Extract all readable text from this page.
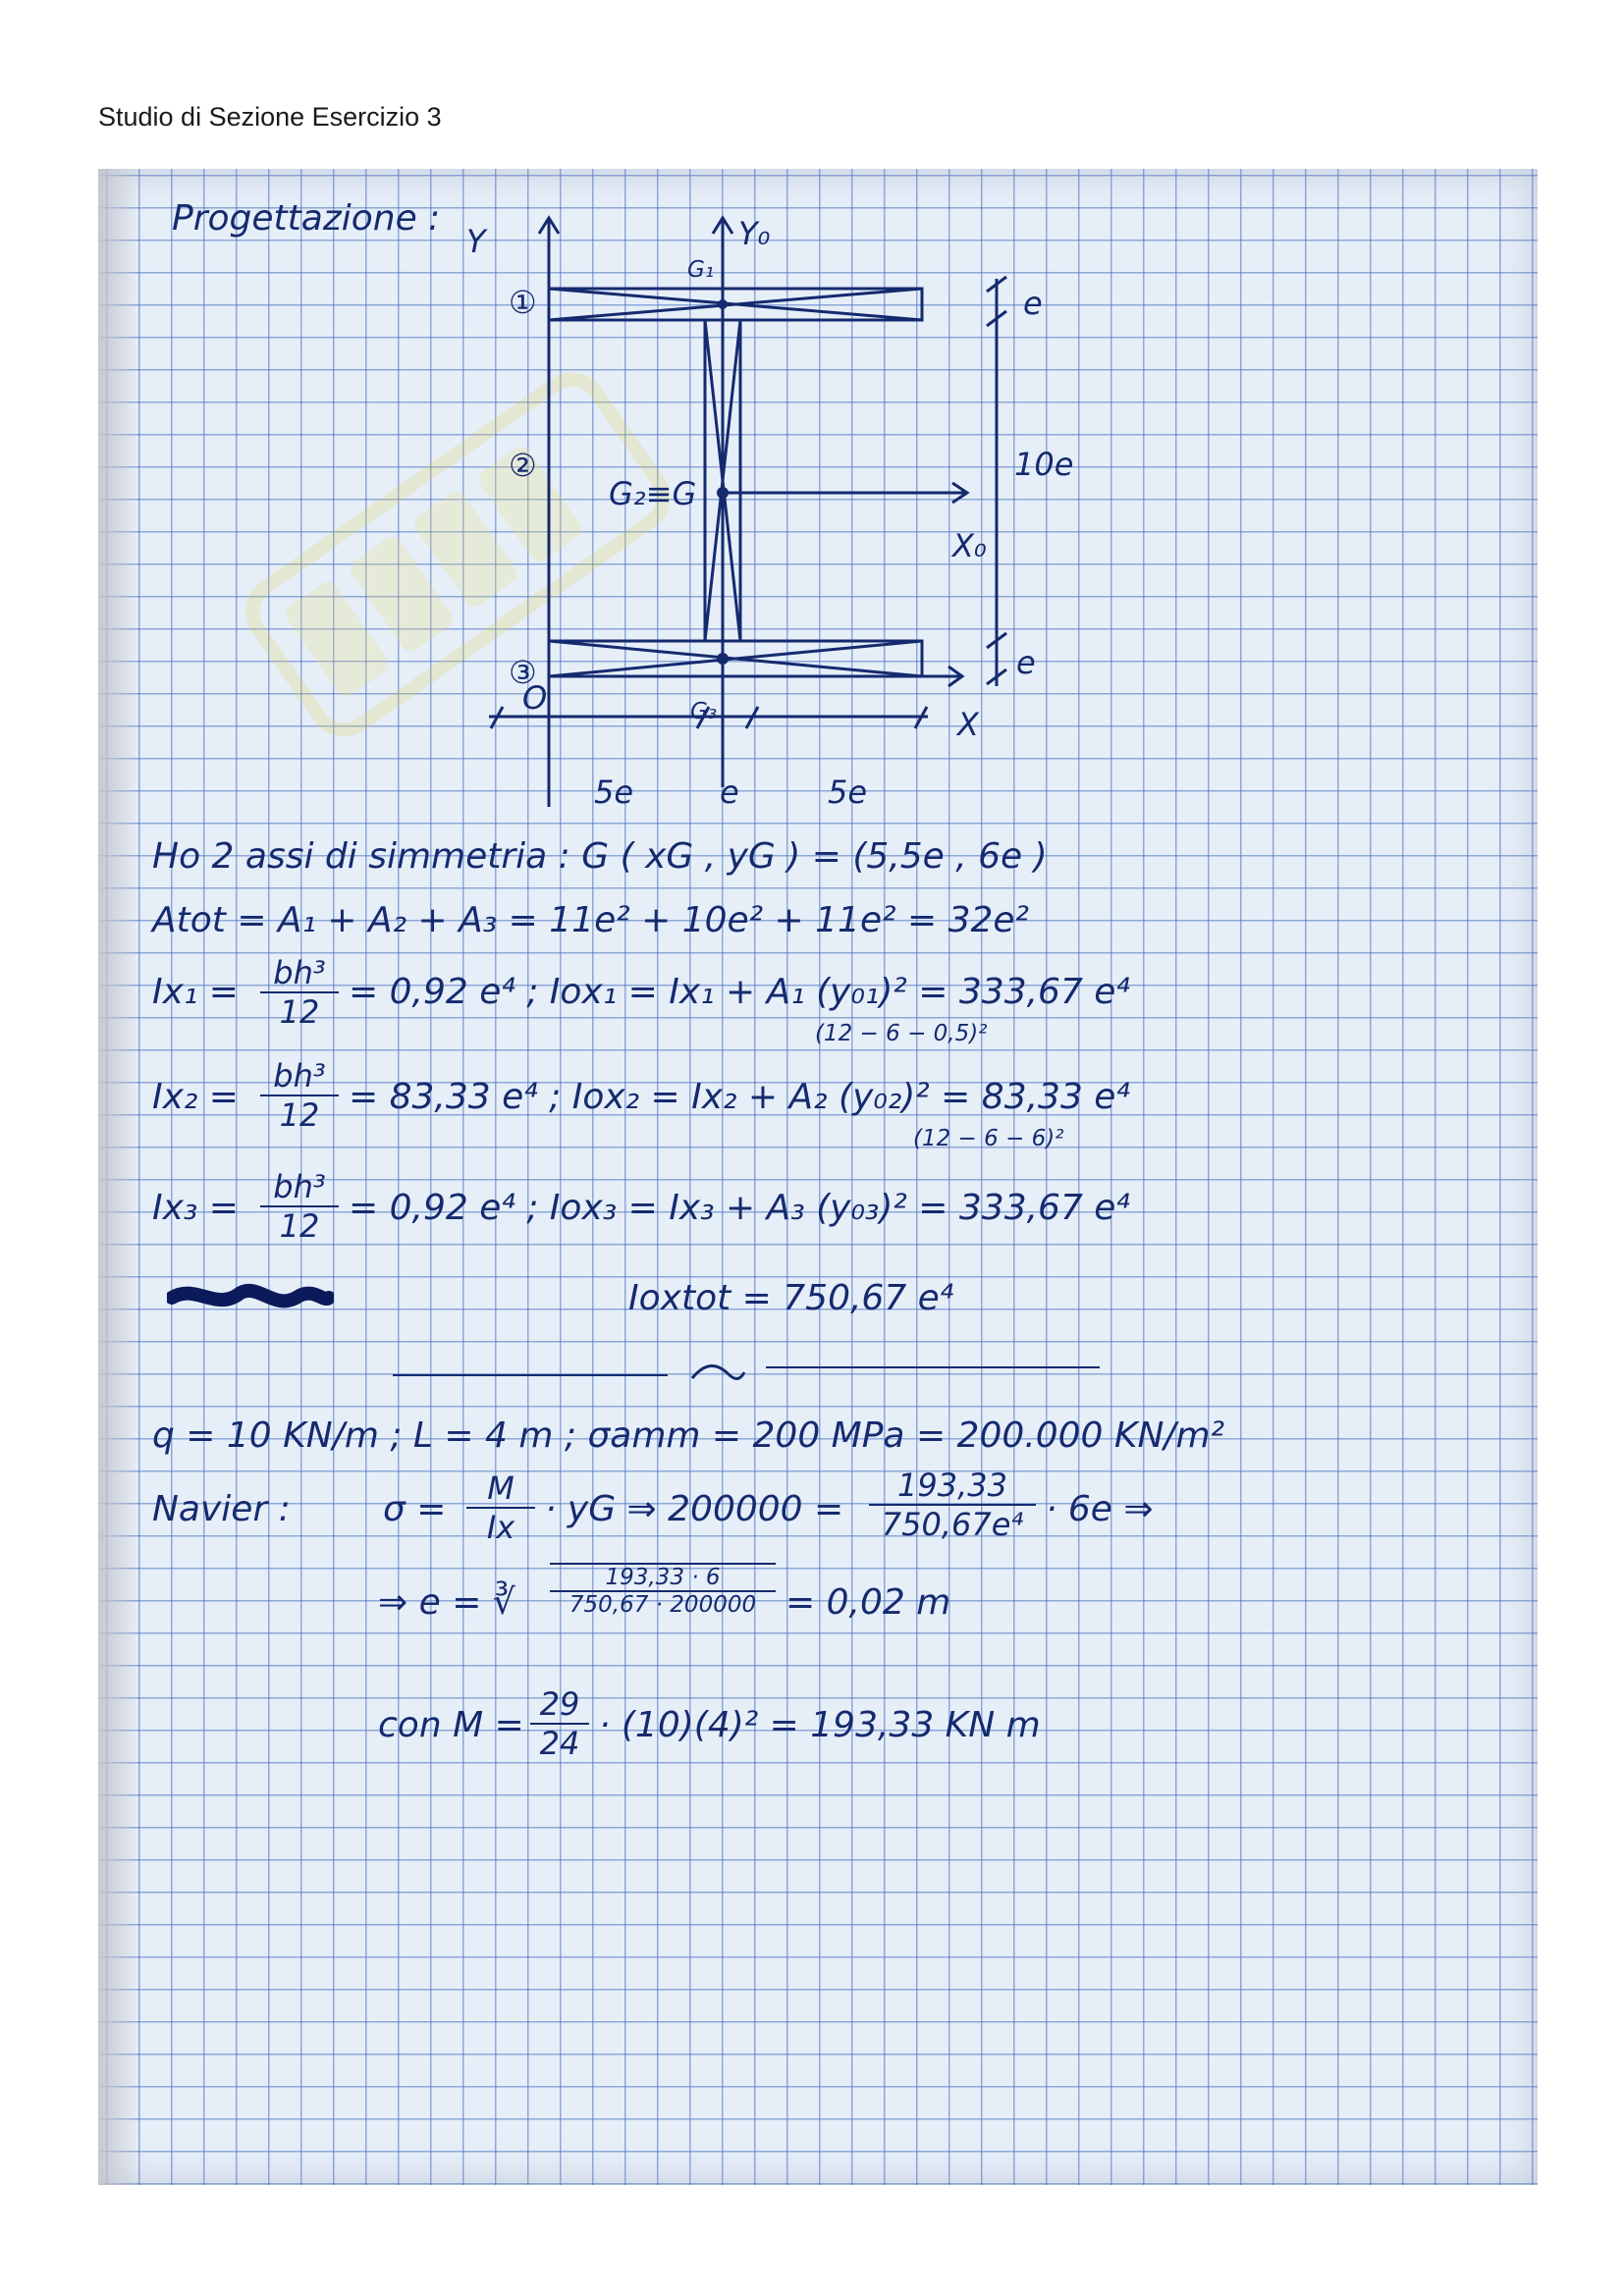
Studio di Sezione Esercizio 3
Progettazione :
Y	Y₀
G₁
①
②
③
O
G₂≡G
G₃
X₀
X
e
10e
e
5e	e	5e
Ho 2 assi di simmetria : G ( xG , yG ) = (5,5e , 6e )
Atot = A₁ + A₂ + A₃ = 11e² + 10e² + 11e² = 32e²
$Ix_1 = \frac{\text{bh³}}{12} = 0,92$ e⁴ ; Iox₁ = Ix₁ + A₁ (y₀₁)² = 333,67 e⁴
(12 − 6 − 0,5)²
$Ix_2 = \frac{\text{bh³}}{12} = 83,33$ e⁴ ; Iox₂ = Ix₂ + A₂ (y₀₂)² = 83,33 e⁴
(12 − 6 − 6)²
$Ix_3 = \frac{\text{bh³}}{12} = 0,92$ e⁴ ; Iox₃ = Ix₃ + A₃ (y₀₃)² = 333,67 e⁴
Ioxtot = 750,67 e⁴
q = 10 KN/m ; L = 4 m ; σamm = 200 MPa = 200.000 KN/m²
Navier :	$\sigma = \frac{M}{Ix}$ · yG ⇒ $200000 = \frac{193,33}{\text{750,67e⁴}} \cdot 6e$ ⇒
⇒ e = ∛ $\frac{193,33 \cdot 6}{750,67 \cdot 200000} = 0,02$ m
con $M = \frac{29}{24} \cdot (10)(4)^2 = 193,33$ KN m
